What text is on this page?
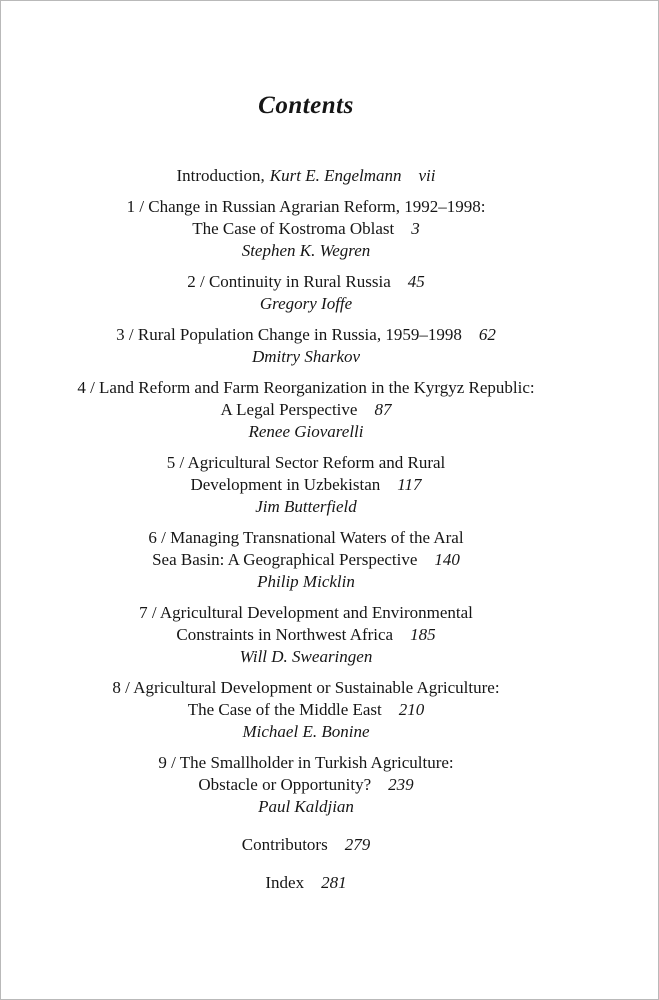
Contents
Introduction, Kurt E. Engelmann vii
1 / Change in Russian Agrarian Reform, 1992–1998:
The Case of Kostroma Oblast 3
Stephen K. Wegren
2 / Continuity in Rural Russia 45
Gregory Ioffe
3 / Rural Population Change in Russia, 1959–1998 62
Dmitry Sharkov
4 / Land Reform and Farm Reorganization in the Kyrgyz Republic:
A Legal Perspective 87
Renee Giovarelli
5 / Agricultural Sector Reform and Rural
Development in Uzbekistan 117
Jim Butterfield
6 / Managing Transnational Waters of the Aral
Sea Basin: A Geographical Perspective 140
Philip Micklin
7 / Agricultural Development and Environmental
Constraints in Northwest Africa 185
Will D. Swearingen
8 / Agricultural Development or Sustainable Agriculture:
The Case of the Middle East 210
Michael E. Bonine
9 / The Smallholder in Turkish Agriculture:
Obstacle or Opportunity? 239
Paul Kaldjian
Contributors 279
Index 281
